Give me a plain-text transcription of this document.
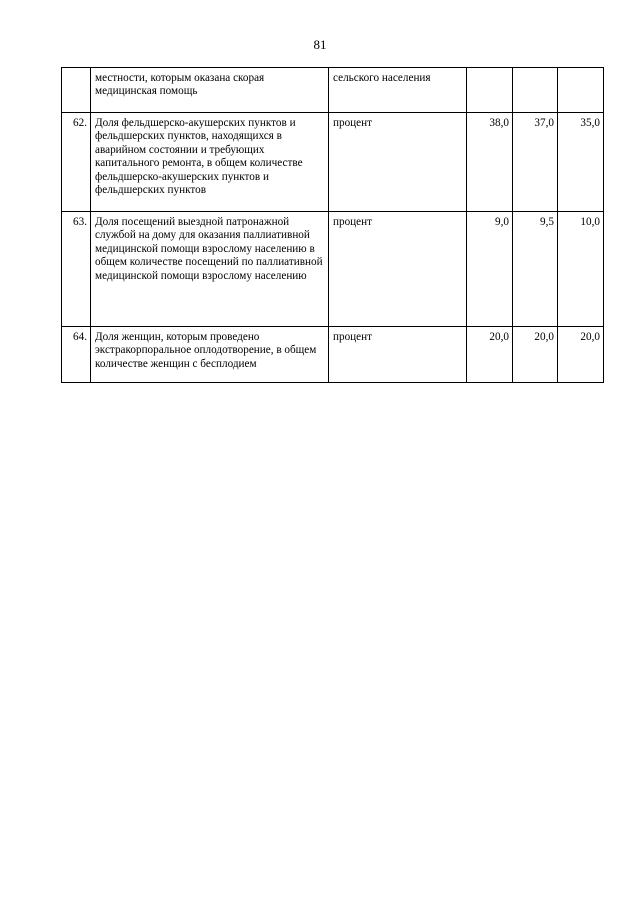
81
	местности, которым оказана скорая медицинская помощь	сельского населения			
62.	Доля фельдшерско-акушерских пунктов и фельдшерских пунктов, находящихся в аварийном состоянии и требующих капитального ремонта, в общем количестве фельдшерско-акушерских пунктов и фельдшерских пунктов	процент	38,0	37,0	35,0
63.	Доля посещений выездной патронажной службой на дому для оказания паллиативной медицинской помощи взрослому населению в общем количестве посещений по паллиативной медицинской помощи взрослому населению	процент	9,0	9,5	10,0
64.	Доля женщин, которым проведено экстракорпоральное оплодотворение, в общем количестве женщин с бесплодием	процент	20,0	20,0	20,0
